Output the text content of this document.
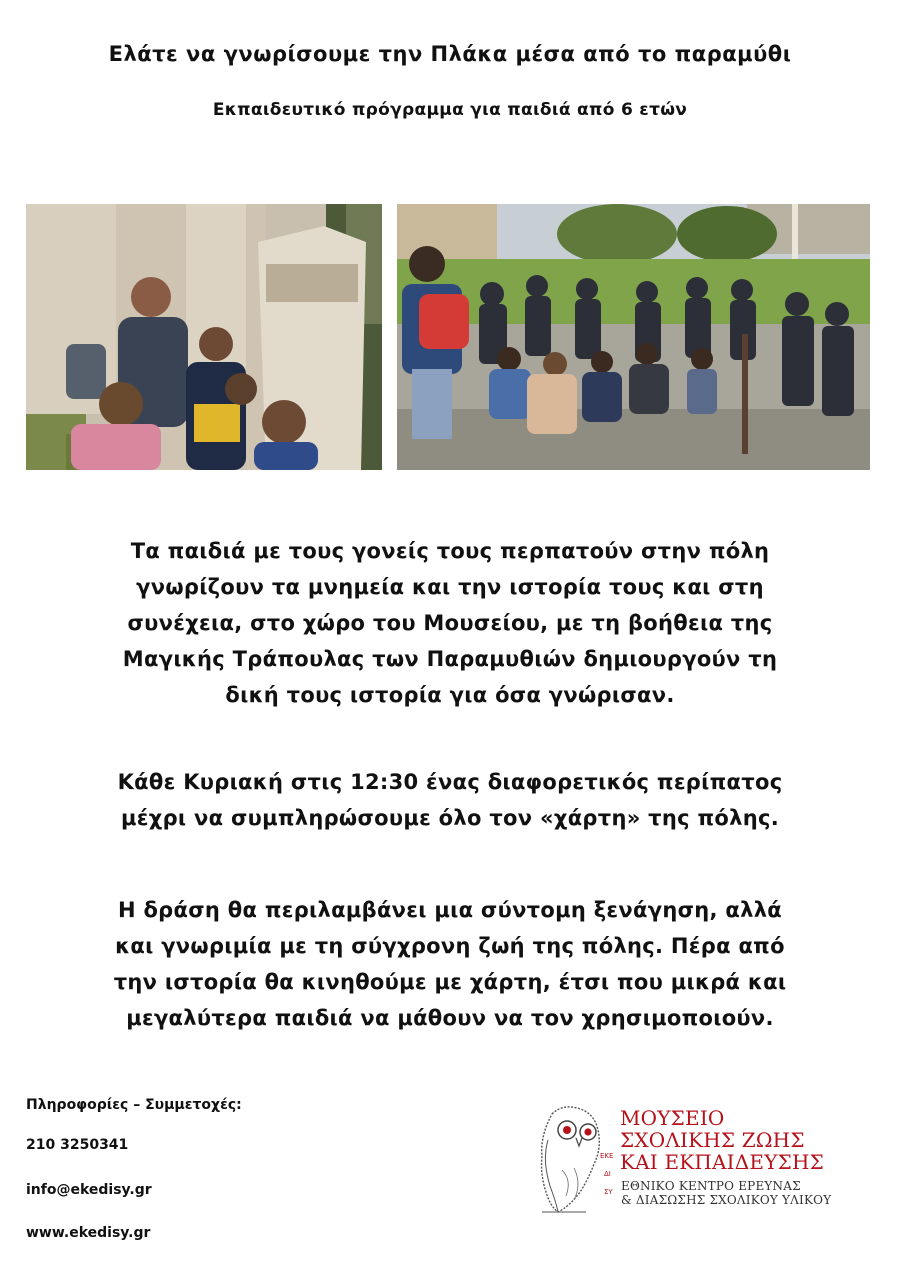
Ελάτε να γνωρίσουμε την Πλάκα μέσα από το παραμύθι
Εκπαιδευτικό πρόγραμμα για παιδιά από 6 ετών
Τα παιδιά με τους γονείς τους περπατούν στην πόλη γνωρίζουν τα μνημεία και την ιστορία τους και στη συνέχεια, στο χώρο του Μουσείου, με τη βοήθεια της Μαγικής Τράπουλας των Παραμυθιών δημιουργούν τη δική τους ιστορία για όσα γνώρισαν.
Κάθε Κυριακή στις 12:30 ένας διαφορετικός περίπατος μέχρι να συμπληρώσουμε όλο τον «χάρτη» της πόλης.
Η δράση θα περιλαμβάνει μια σύντομη ξενάγηση, αλλά και γνωριμία με τη σύγχρονη ζωή της πόλης. Πέρα από την ιστορία θα κινηθούμε με χάρτη, έτσι που μικρά και μεγαλύτερα παιδιά να μάθουν να τον χρησιμοποιούν.
Πληροφορίες – Συμμετοχές:
210 3250341
info@ekedisy.gr
www.ekedisy.gr
ΕΚΕ
ΔΙ
ΣΥ
ΜΟΥΣΕΙΟ
ΣΧΟΛΙΚΗΣ ΖΩΗΣ
ΚΑΙ ΕΚΠΑΙΔΕΥΣΗΣ
ΕΘΝΙΚΟ ΚΕΝΤΡΟ ΕΡΕΥΝΑΣ
& ΔΙΑΣΩΣΗΣ ΣΧΟΛΙΚΟΥ ΥΛΙΚΟΥ
